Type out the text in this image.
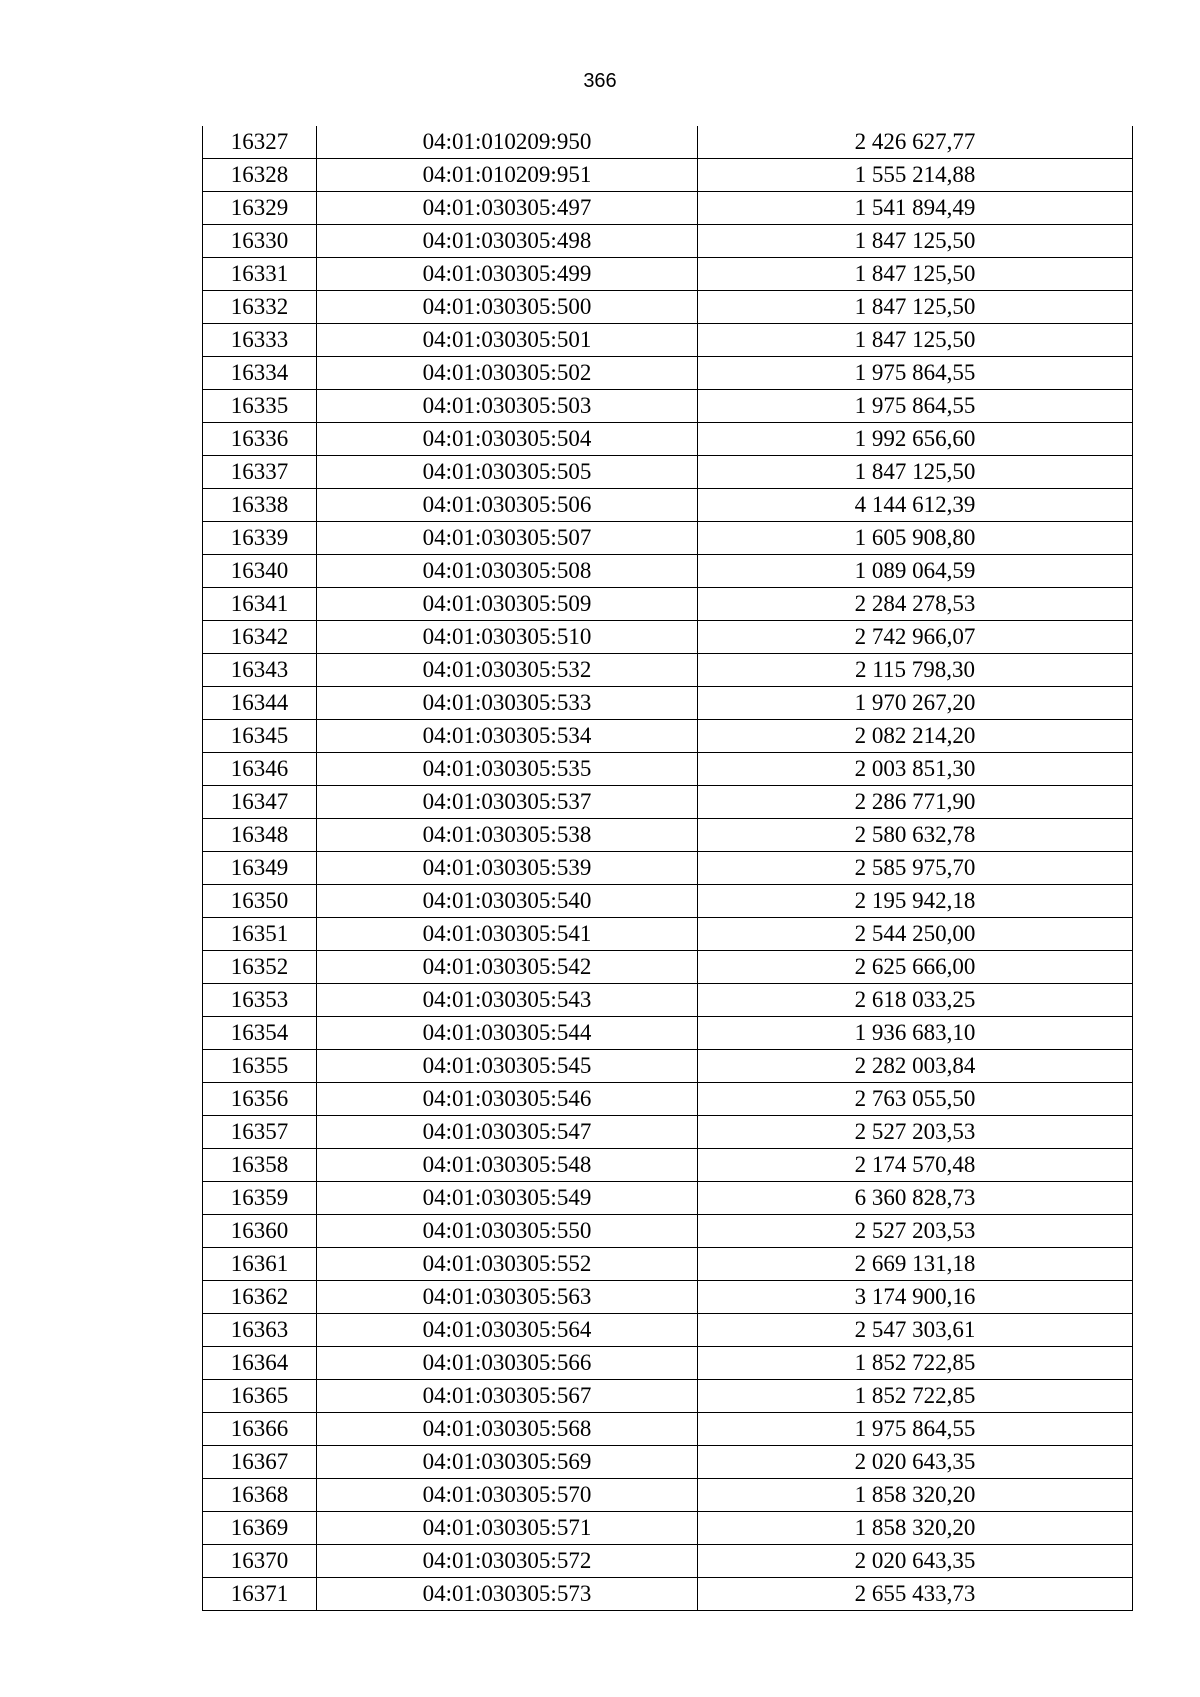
366
16327	04:01:010209:950	2 426 627,77
16328	04:01:010209:951	1 555 214,88
16329	04:01:030305:497	1 541 894,49
16330	04:01:030305:498	1 847 125,50
16331	04:01:030305:499	1 847 125,50
16332	04:01:030305:500	1 847 125,50
16333	04:01:030305:501	1 847 125,50
16334	04:01:030305:502	1 975 864,55
16335	04:01:030305:503	1 975 864,55
16336	04:01:030305:504	1 992 656,60
16337	04:01:030305:505	1 847 125,50
16338	04:01:030305:506	4 144 612,39
16339	04:01:030305:507	1 605 908,80
16340	04:01:030305:508	1 089 064,59
16341	04:01:030305:509	2 284 278,53
16342	04:01:030305:510	2 742 966,07
16343	04:01:030305:532	2 115 798,30
16344	04:01:030305:533	1 970 267,20
16345	04:01:030305:534	2 082 214,20
16346	04:01:030305:535	2 003 851,30
16347	04:01:030305:537	2 286 771,90
16348	04:01:030305:538	2 580 632,78
16349	04:01:030305:539	2 585 975,70
16350	04:01:030305:540	2 195 942,18
16351	04:01:030305:541	2 544 250,00
16352	04:01:030305:542	2 625 666,00
16353	04:01:030305:543	2 618 033,25
16354	04:01:030305:544	1 936 683,10
16355	04:01:030305:545	2 282 003,84
16356	04:01:030305:546	2 763 055,50
16357	04:01:030305:547	2 527 203,53
16358	04:01:030305:548	2 174 570,48
16359	04:01:030305:549	6 360 828,73
16360	04:01:030305:550	2 527 203,53
16361	04:01:030305:552	2 669 131,18
16362	04:01:030305:563	3 174 900,16
16363	04:01:030305:564	2 547 303,61
16364	04:01:030305:566	1 852 722,85
16365	04:01:030305:567	1 852 722,85
16366	04:01:030305:568	1 975 864,55
16367	04:01:030305:569	2 020 643,35
16368	04:01:030305:570	1 858 320,20
16369	04:01:030305:571	1 858 320,20
16370	04:01:030305:572	2 020 643,35
16371	04:01:030305:573	2 655 433,73
